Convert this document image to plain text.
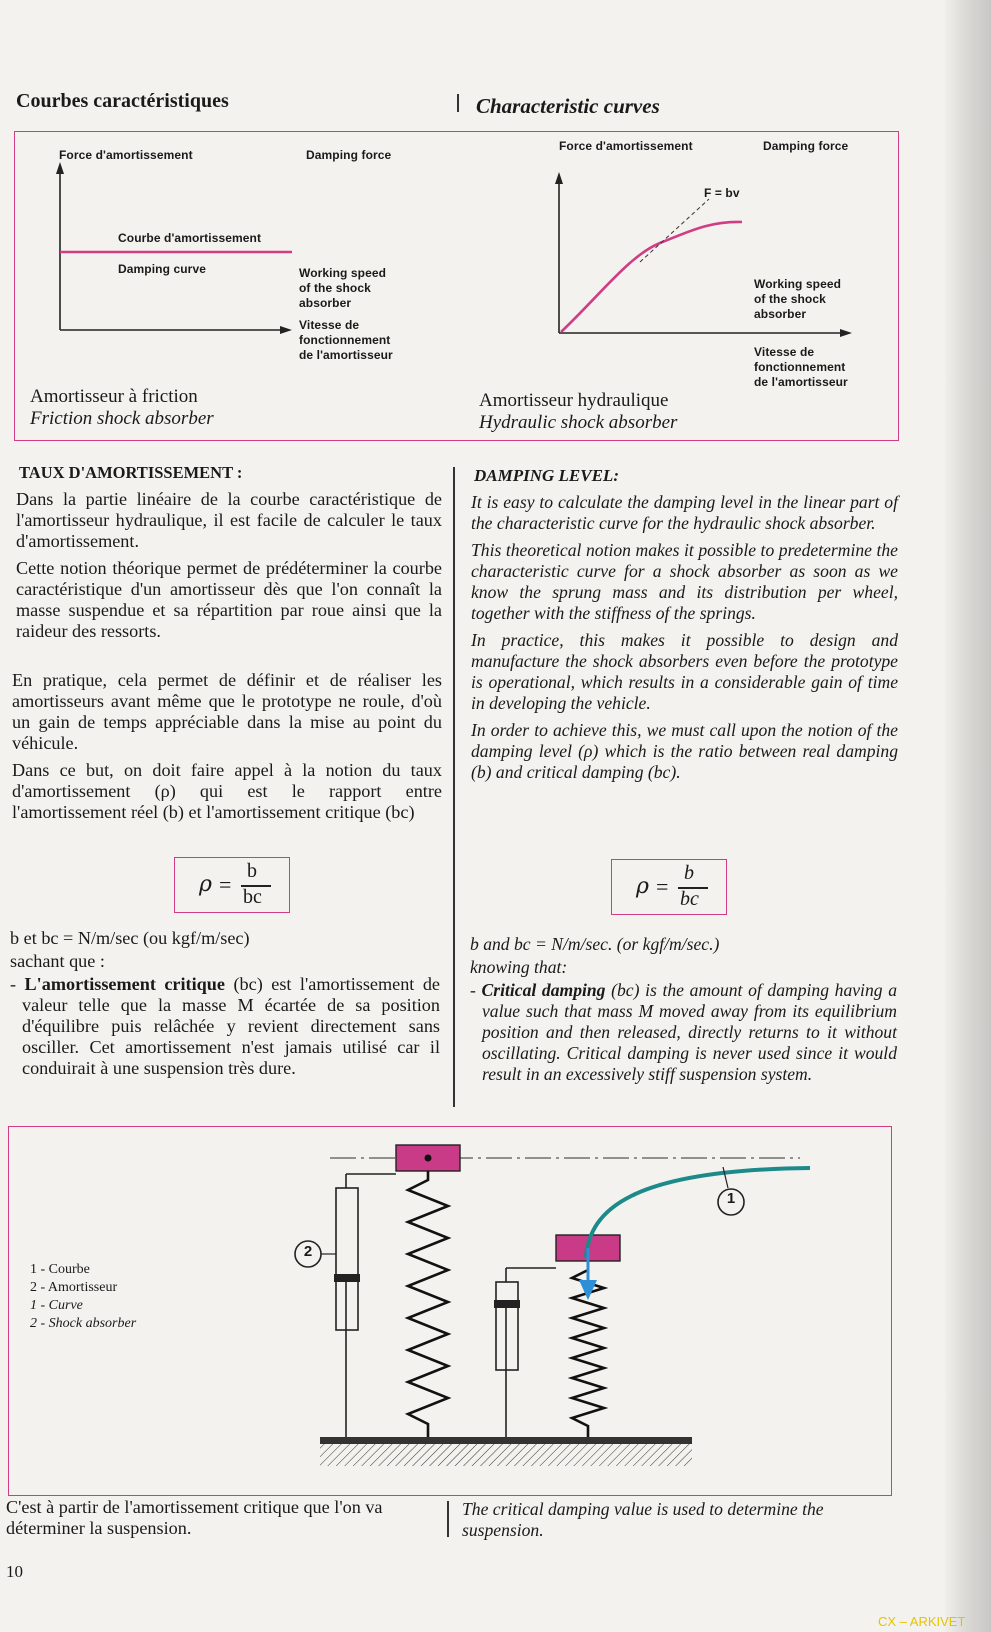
Courbes caractéristiques	Characteristic curves
Force d'amortissement	Damping force
Courbe d'amortissement
Damping curve	Working speed
of the shock
absorber
Vitesse de
fonctionnement
de l'amortisseur
Amortisseur à friction
Friction shock absorber
Force d'amortissement	Damping force
F = bv
Working speed
of the shock
absorber
Vitesse de
fonctionnement
de l'amortisseur
Amortisseur hydraulique
Hydraulic shock absorber

TAUX D'AMORTISSEMENT :

Dans la partie linéaire de la courbe caractéristique de l'amortisseur hydraulique, il est facile de calculer le taux d'amortissement.

Cette notion théorique permet de prédéterminer la courbe caractéristique d'un amortisseur dès que l'on connaît la masse suspendue et sa répartition par roue ainsi que la raideur des ressorts.

En pratique, cela permet de définir et de réaliser les amortisseurs avant même que le prototype ne roule, d'où un gain de temps appréciable dans la mise au point du véhicule.

Dans ce but, on doit faire appel à la notion du taux d'amortissement (ρ) qui est le rapport entre l'amortissement réel (b) et l'amortissement critique (bc)

ρ =
b
bc

b et bc = N/m/sec (ou kgf/m/sec)

sachant que :

- L'amortissement critique (bc) est l'amortissement de valeur telle que la masse M écartée de sa position d'équilibre puis relâchée y revient directement sans osciller. Cet amortissement n'est jamais utilisé car il conduirait à une suspension très dure.

DAMPING LEVEL:

It is easy to calculate the damping level in the linear part of the characteristic curve for the hydraulic shock absorber.

This theoretical notion makes it possible to predetermine the characteristic curve for a shock absorber as soon as we know the sprung mass and its distribution per wheel, together with the stiffness of the springs.

In practice, this makes it possible to design and manufacture the shock absorbers even before the prototype is operational, which results in a considerable gain of time in developing the vehicle.

In order to achieve this, we must call upon the notion of the damping level (ρ) which is the ratio between real damping (b) and critical damping (bc).

ρ =
b
bc

b and bc = N/m/sec. (or kgf/m/sec.)

knowing that:

- Critical damping (bc) is the amount of damping having a value such that mass M moved away from its equilibrium position and then released, directly returns to it without oscillating. Critical damping is never used since it would result in an excessively stiff suspension system.

1 - Courbe
2 - Amortisseur
1 - Curve
2 - Shock absorber
1
2

C'est à partir de l'amortissement critique que l'on va déterminer la suspension.

The critical damping value is used to determine the suspension.

10
CX – ARKIVET
